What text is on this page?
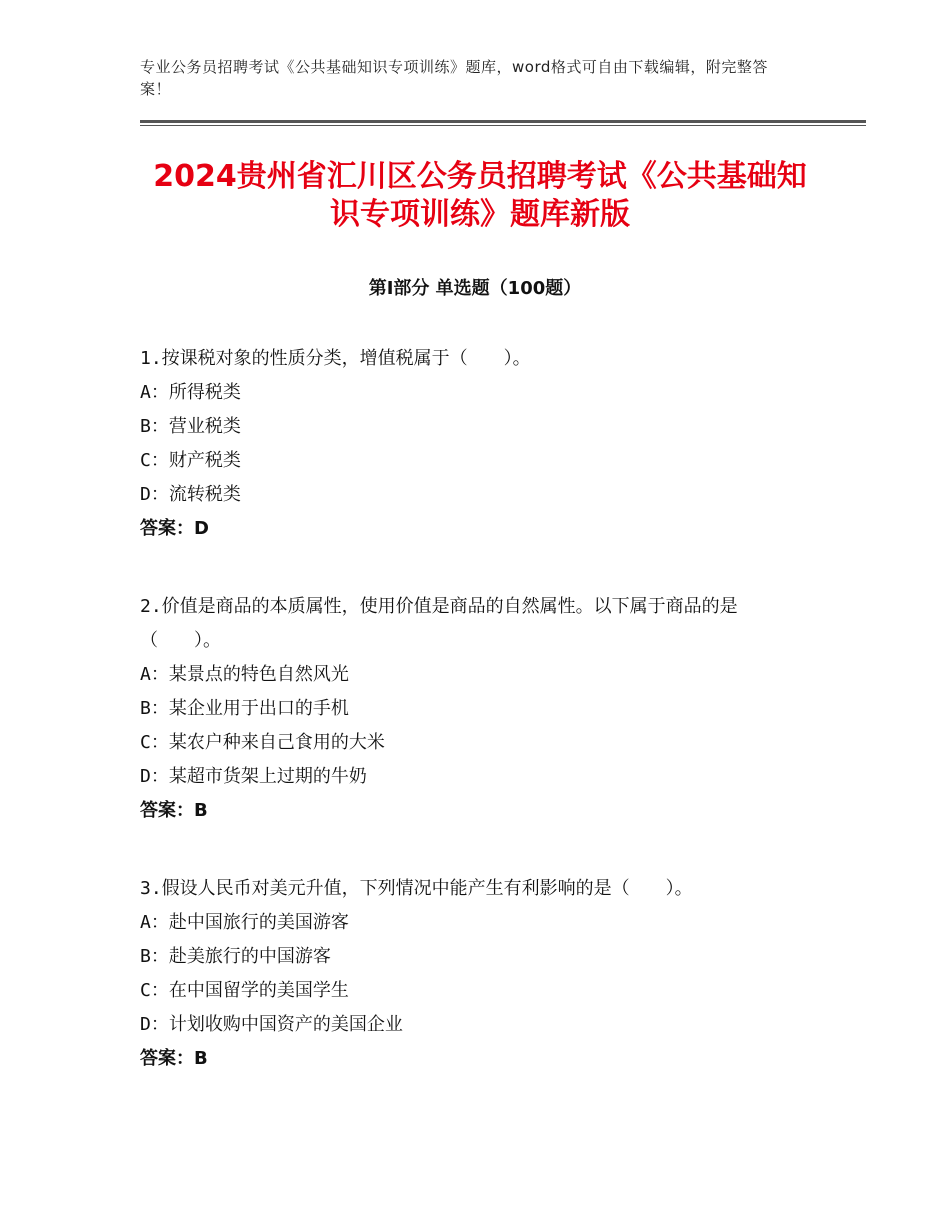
专业公务员招聘考试《公共基础知识专项训练》题库，word格式可自由下载编辑，附完整答案！
2024贵州省汇川区公务员招聘考试《公共基础知识专项训练》题库新版
第I部分 单选题（100题）
1.按课税对象的性质分类，增值税属于（　　）。
A：所得税类
B：营业税类
C：财产税类
D：流转税类
答案：D
2.价值是商品的本质属性，使用价值是商品的自然属性。以下属于商品的是（　　）。
A：某景点的特色自然风光
B：某企业用于出口的手机
C：某农户种来自己食用的大米
D：某超市货架上过期的牛奶
答案：B
3.假设人民币对美元升值，下列情况中能产生有利影响的是（　　）。
A：赴中国旅行的美国游客
B：赴美旅行的中国游客
C：在中国留学的美国学生
D：计划收购中国资产的美国企业
答案：B
